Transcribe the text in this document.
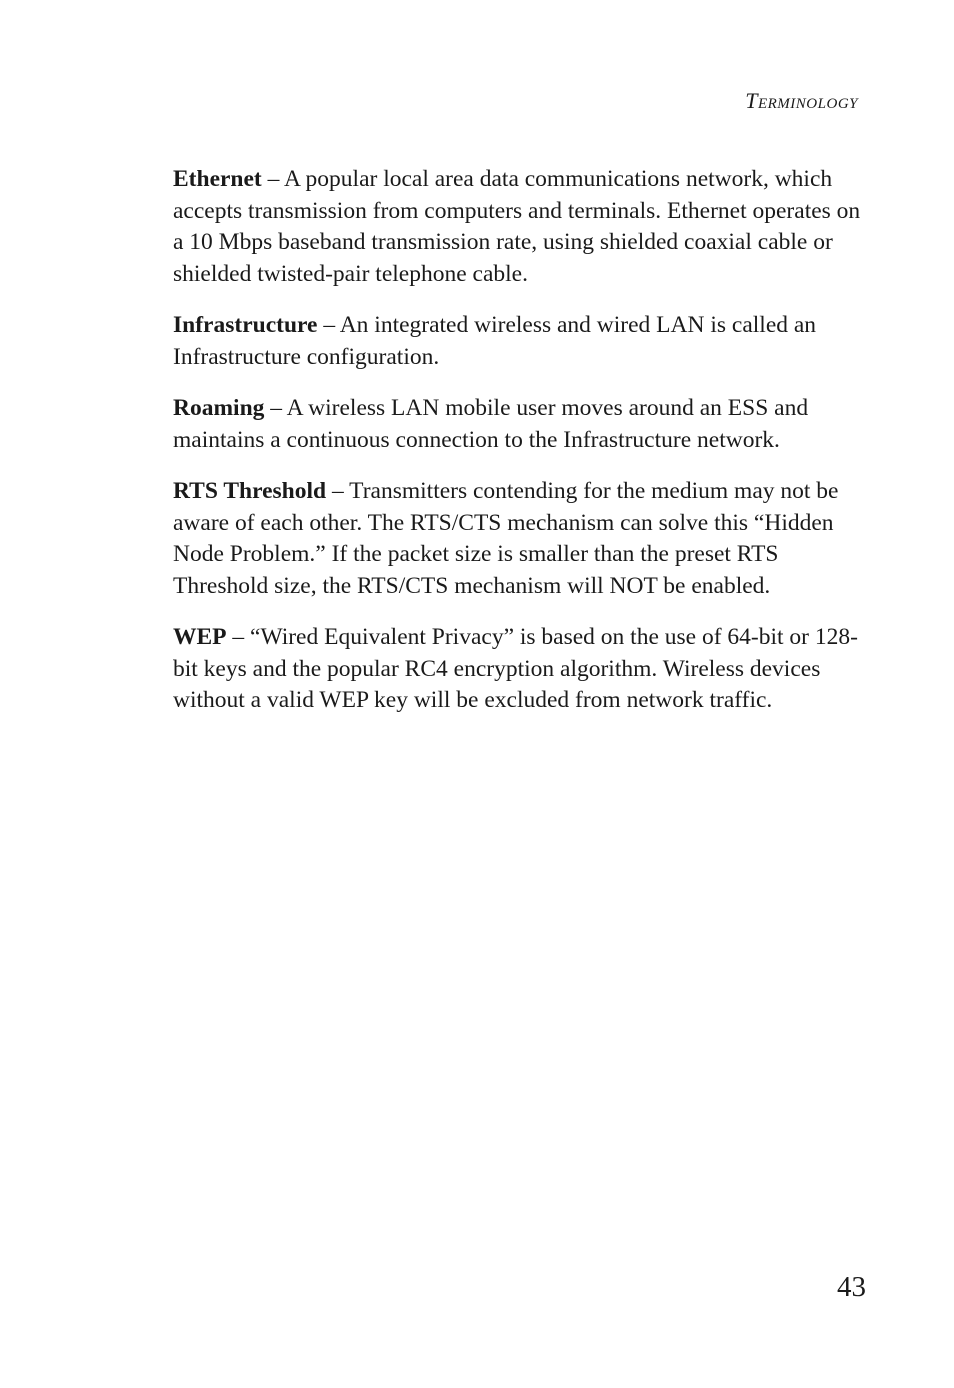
Terminology

Ethernet – A popular local area data communications network, which accepts transmission from computers and terminals. Ethernet operates on a 10 Mbps baseband transmission rate, using shielded coaxial cable or shielded twisted-pair telephone cable.

Infrastructure – An integrated wireless and wired LAN is called an Infrastructure configuration.

Roaming – A wireless LAN mobile user moves around an ESS and maintains a continuous connection to the Infrastructure network.

RTS Threshold – Transmitters contending for the medium may not be aware of each other. The RTS/CTS mechanism can solve this “Hidden Node Problem.” If the packet size is smaller than the preset RTS Threshold size, the RTS/CTS mechanism will NOT be enabled.

WEP – “Wired Equivalent Privacy” is based on the use of 64-bit or 128-bit keys and the popular RC4 encryption algorithm. Wireless devices without a valid WEP key will be excluded from network traffic.

43
